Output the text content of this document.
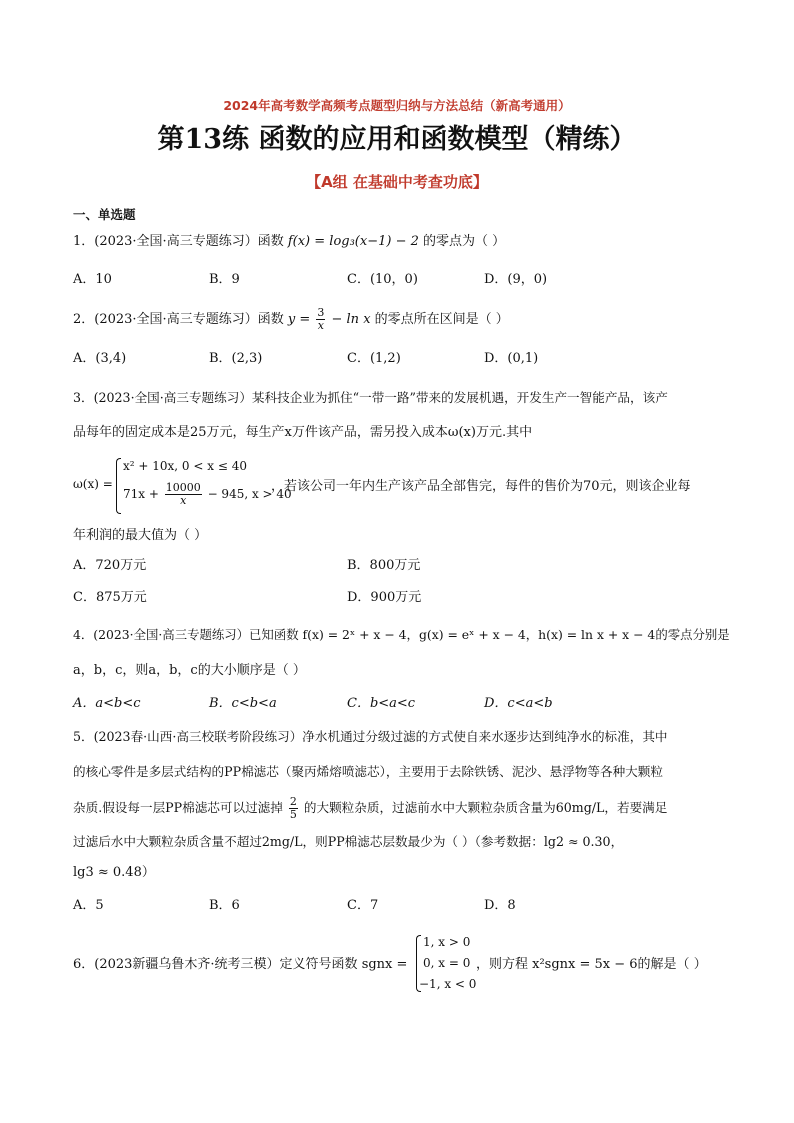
2024年高考数学高频考点题型归纳与方法总结（新高考通用）
第13练 函数的应用和函数模型（精练）
【A组 在基础中考查功底】
一、单选题
1．(2023·全国·高三专题练习）函数 f(x) = log₃(x−1) − 2 的零点为（ ）
A．10	B．9	C．(10，0)	D．(9，0)
2．(2023·全国·高三专题练习）函数 $y = \frac{3}{x} - \ln x$ 的零点所在区间是（ ）
A．(3,4)	B．(2,3)	C．(1,2)	D．(0,1)
3．(2023·全国·高三专题练习）某科技企业为抓住“一带一路”带来的发展机遇，开发生产一智能产品，该产
品每年的固定成本是25万元，每生产x万件该产品，需另投入成本ω(x)万元.其中
ω(x) =
x² + 10x, 0 < x ≤ 40
$71x + \frac{10000}{x} - 945$, x > 40
，若该公司一年内生产该产品全部售完，每件的售价为70元，则该企业每
年利润的最大值为（ ）
A．720万元	B．800万元
C．875万元	D．900万元
4．(2023·全国·高三专题练习）已知函数 f(x) = 2ˣ + x − 4，g(x) = eˣ + x − 4，h(x) = ln x + x − 4的零点分别是
a，b，c，则a，b，c的大小顺序是（ ）
A．a<b<c	B．c<b<a	C．b<a<c	D．c<a<b
5．(2023春·山西·高三校联考阶段练习）净水机通过分级过滤的方式使自来水逐步达到纯净水的标准，其中
的核心零件是多层式结构的PP棉滤芯（聚丙烯熔喷滤芯），主要用于去除铁锈、泥沙、悬浮物等各种大颗粒
杂质.假设每一层PP棉滤芯可以过滤掉 $\frac{2}{5}$ 的大颗粒杂质，过滤前水中大颗粒杂质含量为60mg/L，若要满足
过滤后水中大颗粒杂质含量不超过2mg/L，则PP棉滤芯层数最少为（ ）（参考数据：lg2 ≈ 0.30，
lg3 ≈ 0.48）
A．5	B．6	C．7	D．8
6．(2023新疆乌鲁木齐·统考三模）定义符号函数 sgnx =
1, x > 0
0, x = 0
−1, x < 0
，则方程 x²sgnx = 5x − 6的解是（ ）
